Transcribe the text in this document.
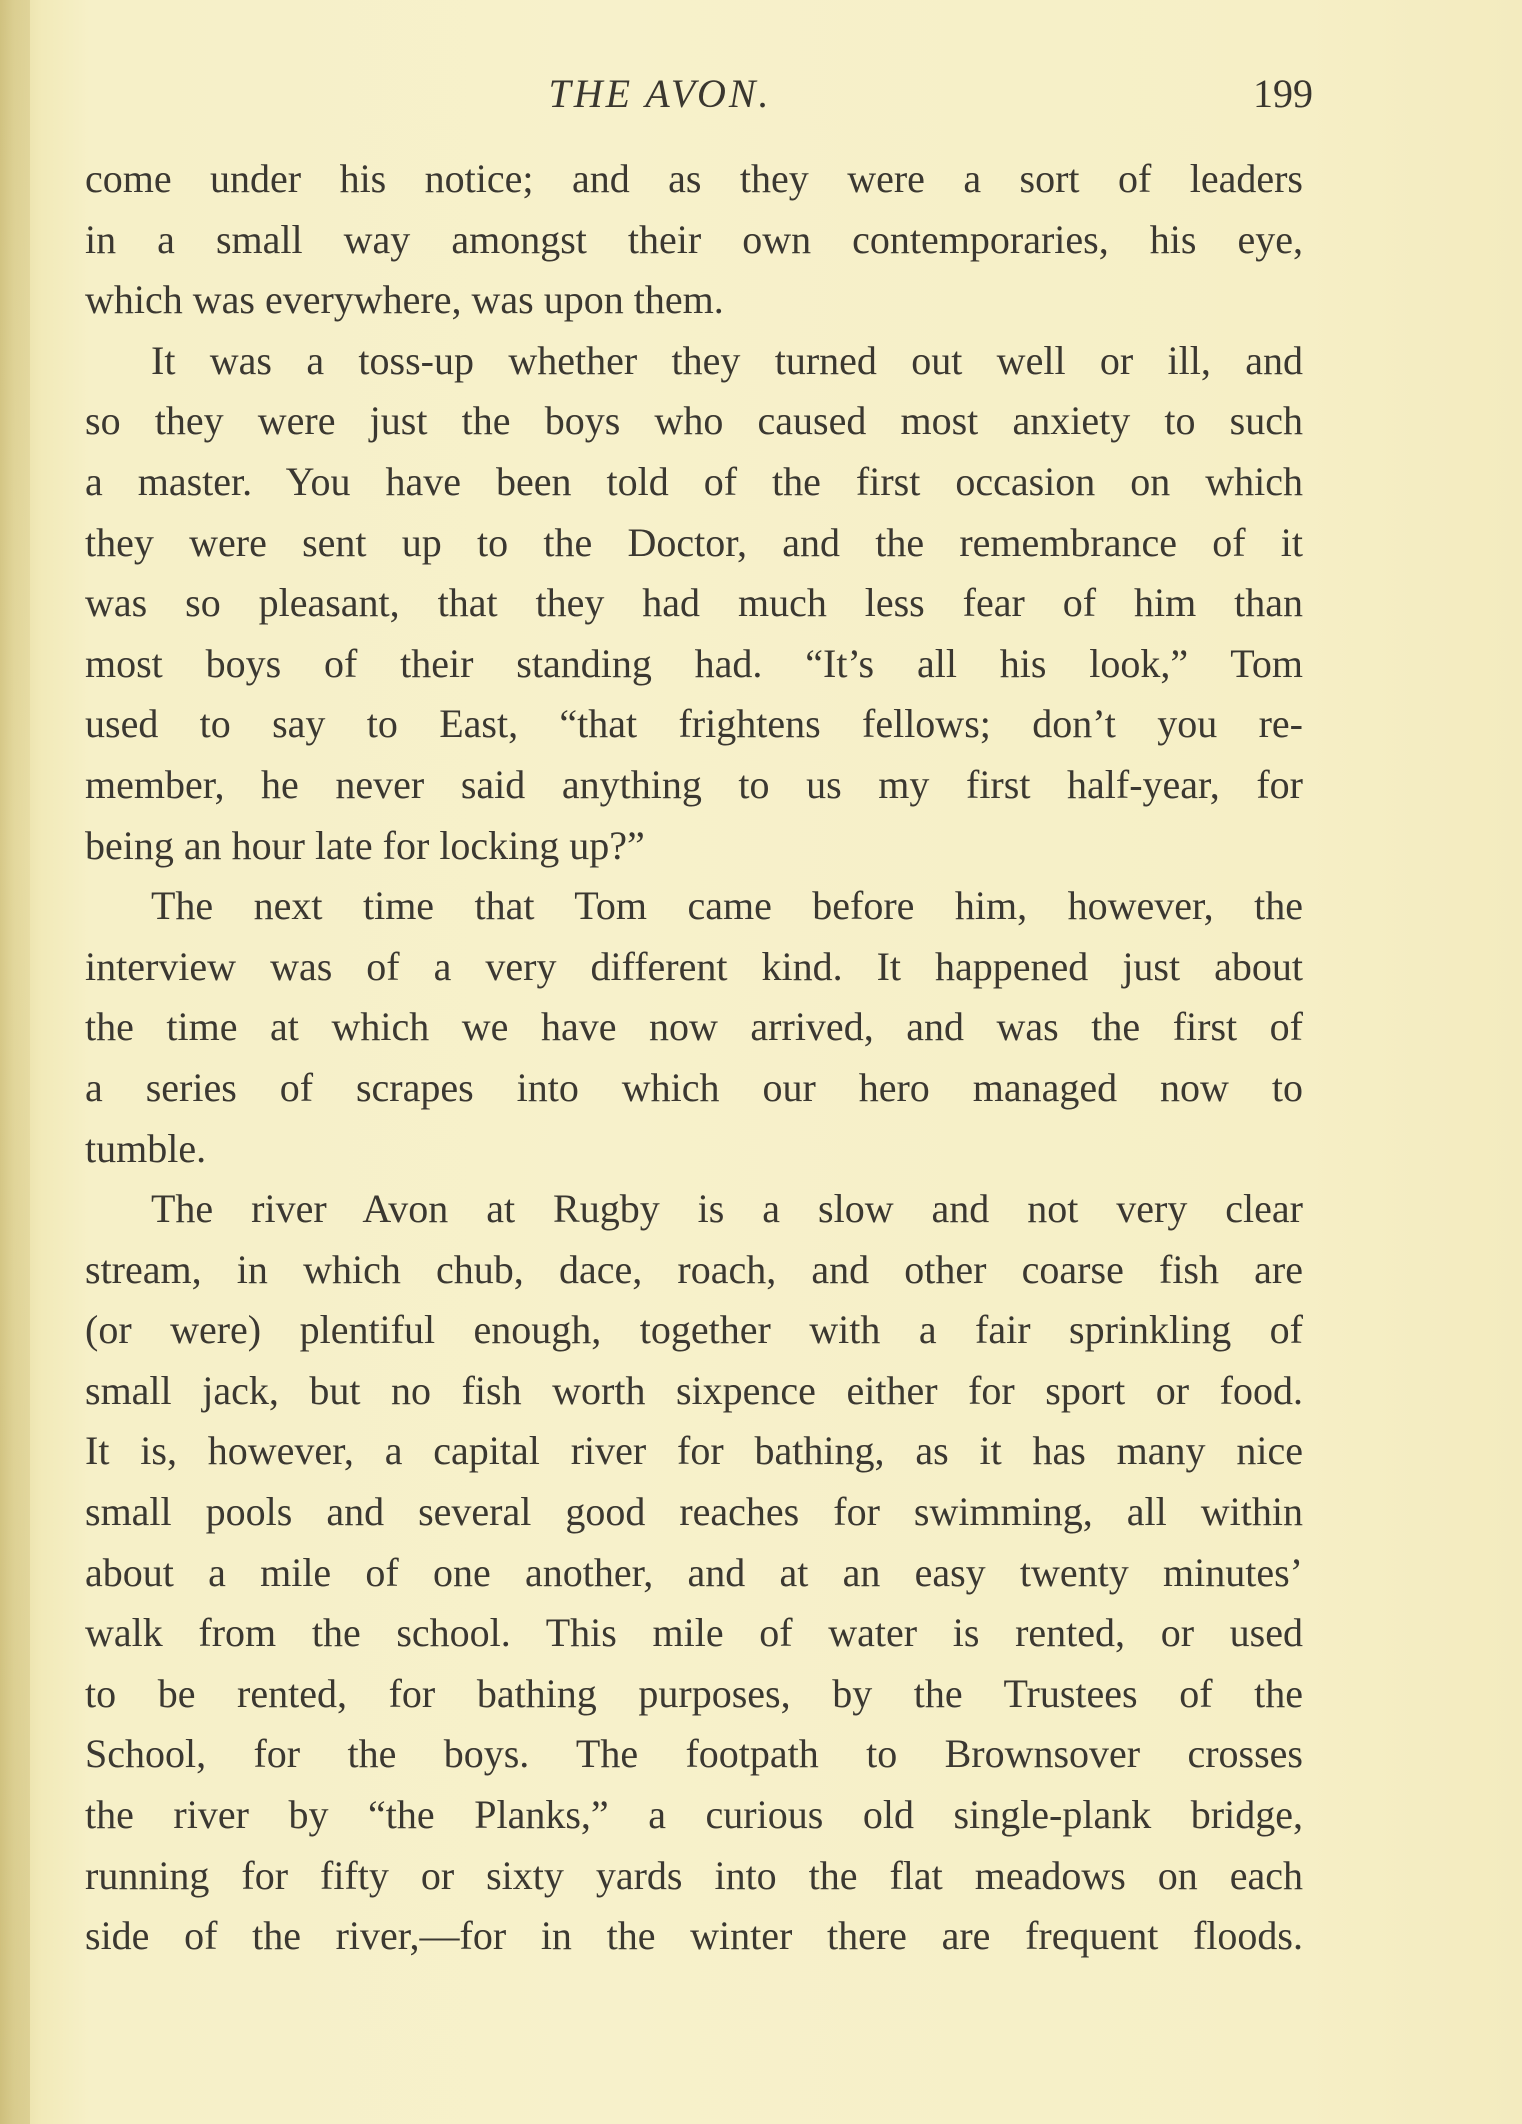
THE AVON.	199
come under his notice; and as they were a sort of leaders
in a small way amongst their own contemporaries, his eye,
which was everywhere, was upon them.
It was a toss-up whether they turned out well or ill, and
so they were just the boys who caused most anxiety to such
a master. You have been told of the first occasion on which
they were sent up to the Doctor, and the remembrance of it
was so pleasant, that they had much less fear of him than
most boys of their standing had. “It’s all his look,” Tom
used to say to East, “that frightens fellows; don’t you re-
member, he never said anything to us my first half-year, for
being an hour late for locking up?”
The next time that Tom came before him, however, the
interview was of a very different kind. It happened just about
the time at which we have now arrived, and was the first of
a series of scrapes into which our hero managed now to
tumble.
The river Avon at Rugby is a slow and not very clear
stream, in which chub, dace, roach, and other coarse fish are
(or were) plentiful enough, together with a fair sprinkling of
small jack, but no fish worth sixpence either for sport or food.
It is, however, a capital river for bathing, as it has many nice
small pools and several good reaches for swimming, all within
about a mile of one another, and at an easy twenty minutes’
walk from the school. This mile of water is rented, or used
to be rented, for bathing purposes, by the Trustees of the
School, for the boys. The footpath to Brownsover crosses
the river by “the Planks,” a curious old single-plank bridge,
running for fifty or sixty yards into the flat meadows on each
side of the river,—for in the winter there are frequent floods.
